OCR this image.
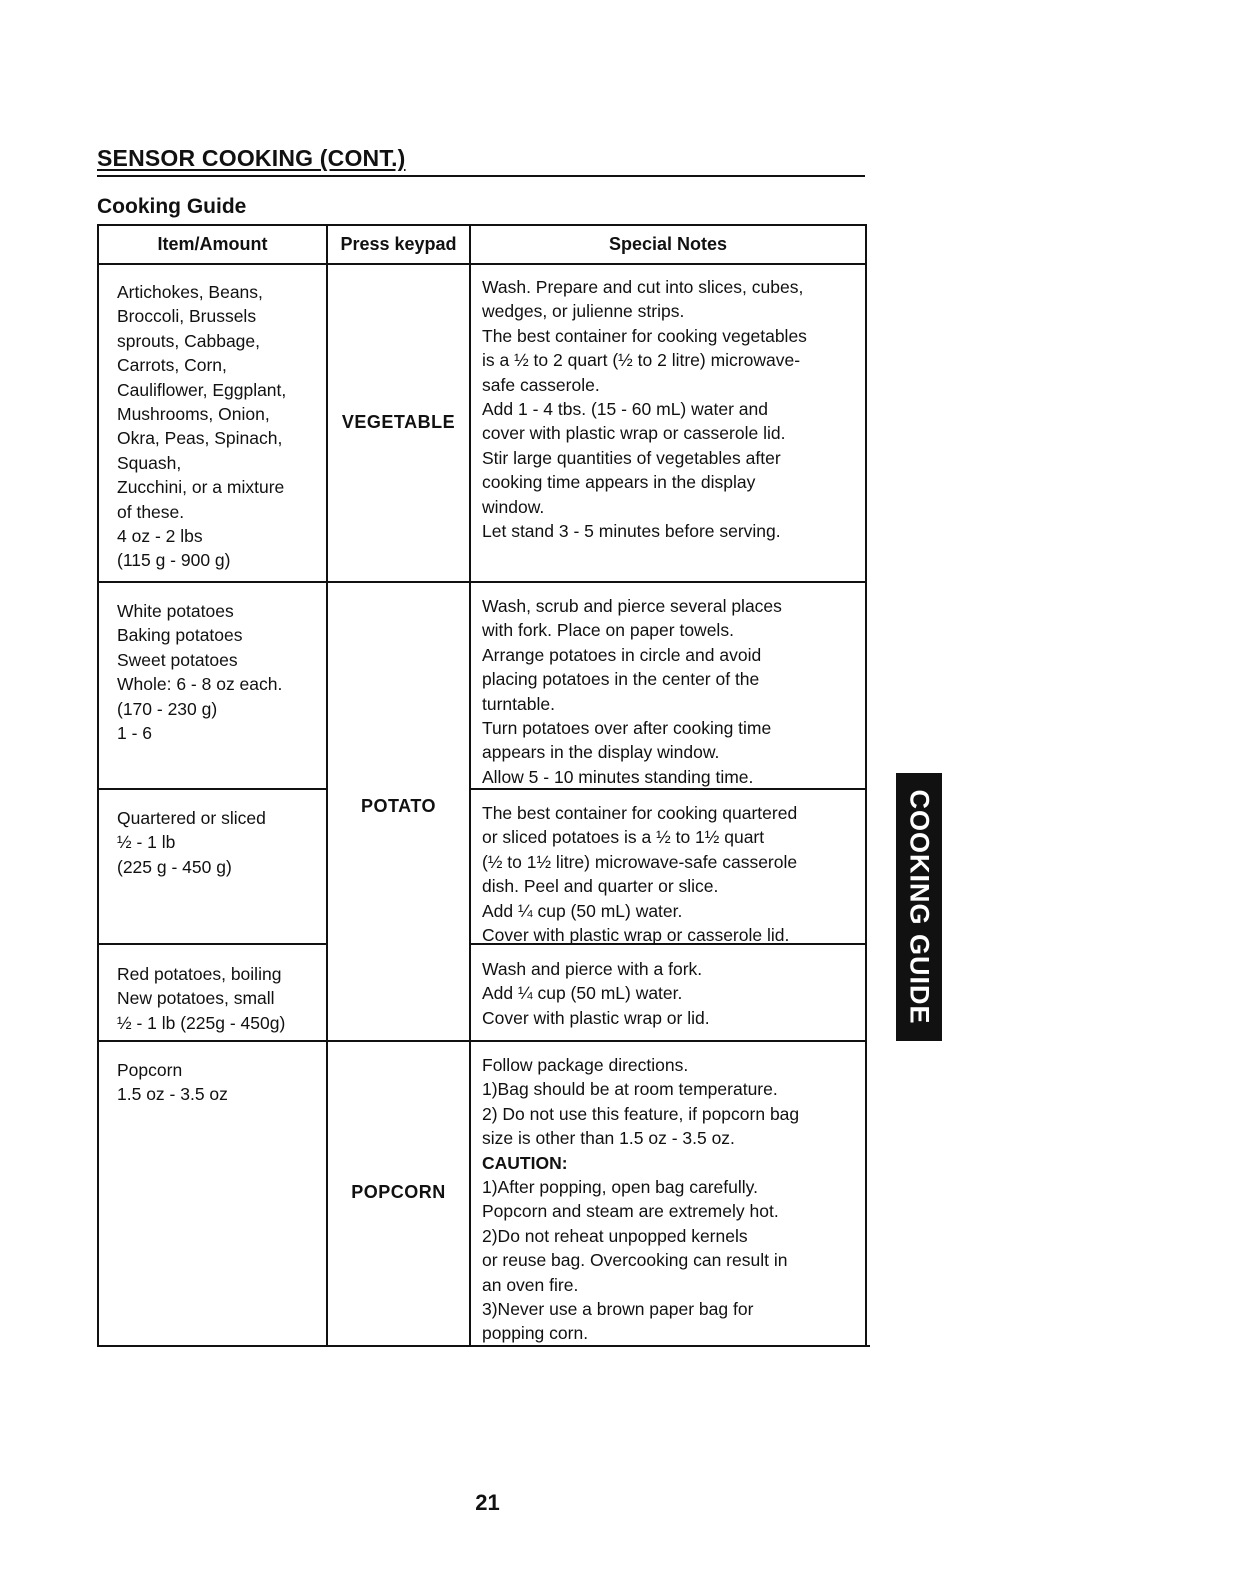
SENSOR COOKING (CONT.)
Cooking Guide
Item/Amount	Press keypad	Special Notes
Artichokes, Beans,
Broccoli, Brussels
sprouts, Cabbage,
Carrots, Corn,
Cauliflower, Eggplant,
Mushrooms, Onion,
Okra, Peas, Spinach,
Squash,
Zucchini, or a mixture
of these.
4 oz - 2 lbs
(115 g - 900 g)
VEGETABLE
Wash. Prepare and cut into slices, cubes,
wedges, or julienne strips.
The best container for cooking vegetables
is a ½ to 2 quart (½ to 2 litre) microwave-
safe casserole.
Add 1 - 4 tbs. (15 - 60 mL) water and
cover with plastic wrap or casserole lid.
Stir large quantities of vegetables after
cooking time appears in the display
window.
Let stand 3 - 5 minutes before serving.
White potatoes
Baking potatoes
Sweet potatoes
Whole: 6 - 8 oz each.
(170 - 230 g)
1 - 6
Wash, scrub and pierce several places
with fork. Place on paper towels.
Arrange potatoes in circle and avoid
placing potatoes in the center of the
turntable.
Turn potatoes over after cooking time
appears in the display window.
Allow 5 - 10 minutes standing time.
POTATO
Quartered or sliced
½ - 1 lb
(225 g - 450 g)
The best container for cooking quartered
or sliced potatoes is a ½ to 1½ quart
(½ to 1½ litre) microwave-safe casserole
dish. Peel and quarter or slice.
Add ¼ cup (50 mL) water.
Cover with plastic wrap or casserole lid.
Red potatoes, boiling
New potatoes, small
½ - 1 lb (225g - 450g)
Wash and pierce with a fork.
Add ¼ cup (50 mL) water.
Cover with plastic wrap or lid.
Popcorn
1.5 oz - 3.5 oz
POPCORN
Follow package directions.
1)Bag should be at room temperature.
2) Do not use this feature, if popcorn bag
size is other than 1.5 oz - 3.5 oz.
CAUTION:
1)After popping, open bag carefully.
Popcorn and steam are extremely hot.
2)Do not reheat unpopped kernels
or reuse bag. Overcooking can result in
an oven fire.
3)Never use a brown paper bag for
popping corn.
COOKING GUIDE
21
